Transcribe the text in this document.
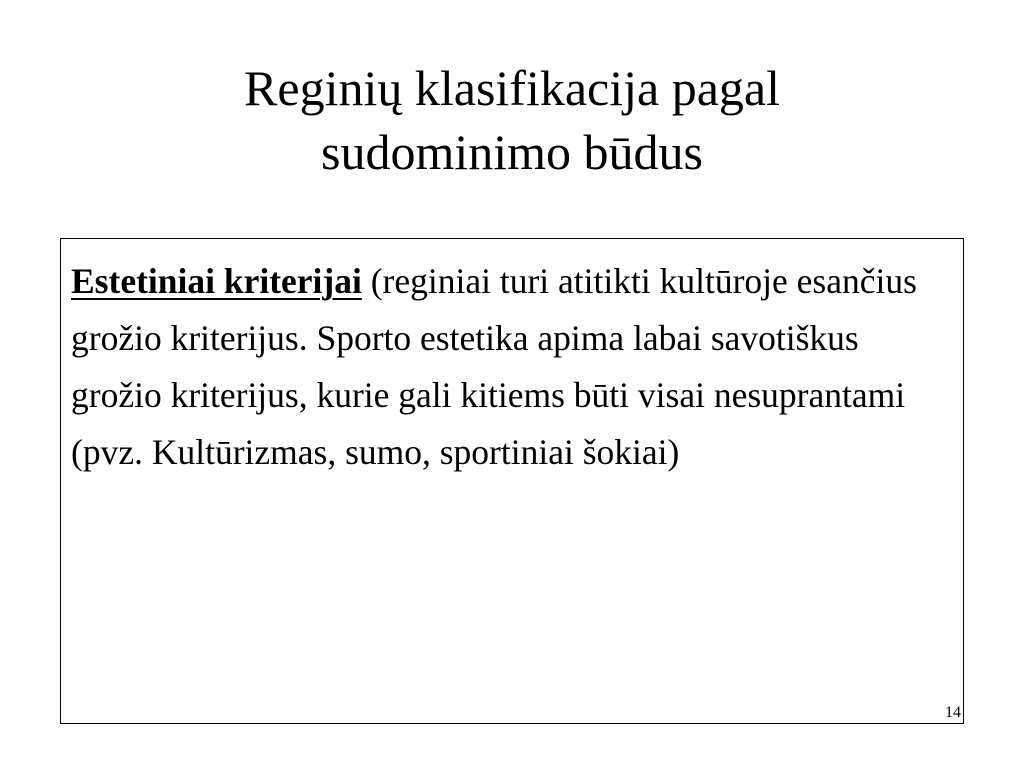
Reginių klasifikacija pagal
sudominimo būdus

Estetiniai kriterijai (reginiai turi atitikti kultūroje esančius grožio kriterijus. Sporto estetika apima labai savotiškus grožio kriterijus, kurie gali kitiems būti visai nesuprantami (pvz. Kultūrizmas, sumo, sportiniai šokiai)

14
